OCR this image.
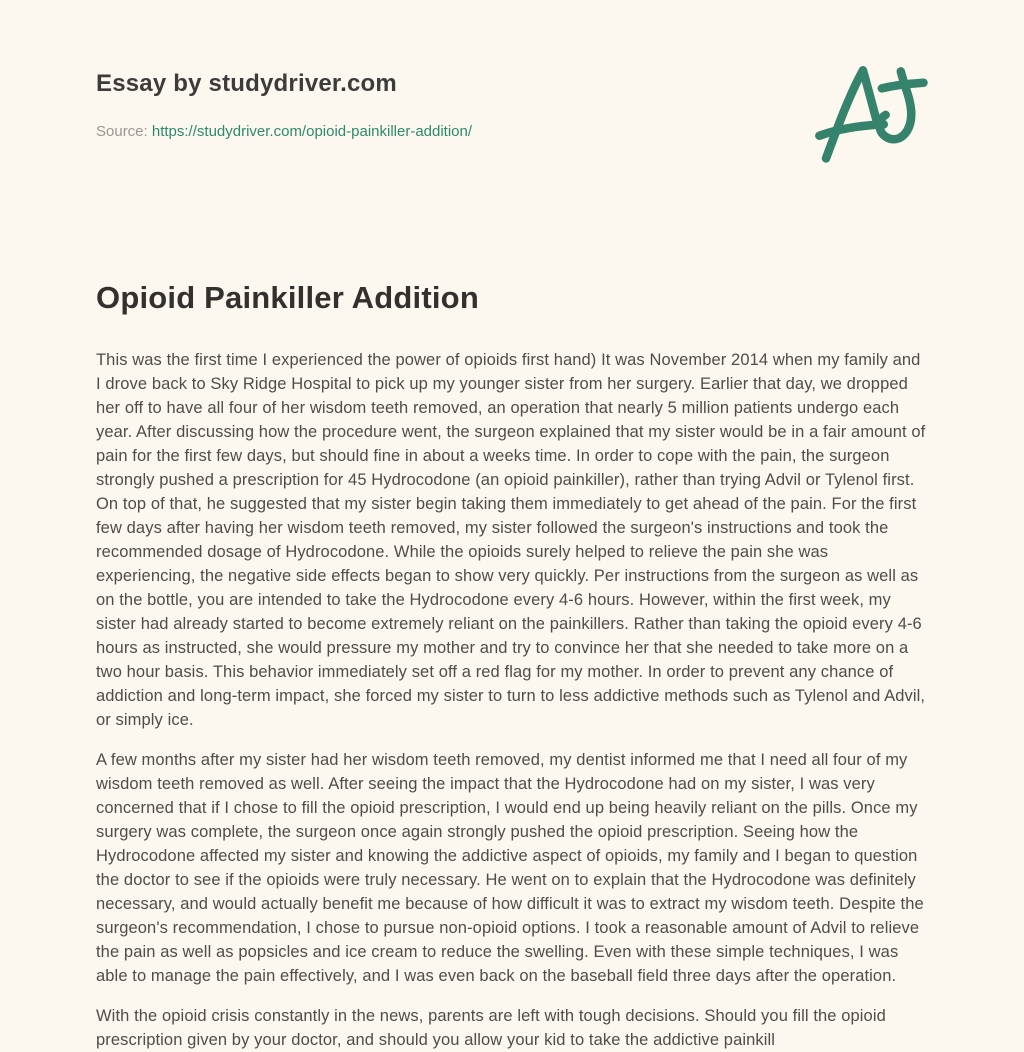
Essay by studydriver.com
Source: https://studydriver.com/opioid-painkiller-addition/
Opioid Painkiller Addition

This was the first time I experienced the power of opioids first hand) It was November 2014 when my family and I drove back to Sky Ridge Hospital to pick up my younger sister from her surgery. Earlier that day, we dropped her off to have all four of her wisdom teeth removed, an operation that nearly 5 million patients undergo each year. After discussing how the procedure went, the surgeon explained that my sister would be in a fair amount of pain for the first few days, but should fine in about a weeks time. In order to cope with the pain, the surgeon strongly pushed a prescription for 45 Hydrocodone (an opioid painkiller), rather than trying Advil or Tylenol first. On top of that, he suggested that my sister begin taking them immediately to get ahead of the pain. For the first few days after having her wisdom teeth removed, my sister followed the surgeon's instructions and took the recommended dosage of Hydrocodone. While the opioids surely helped to relieve the pain she was experiencing, the negative side effects began to show very quickly. Per instructions from the surgeon as well as on the bottle, you are intended to take the Hydrocodone every 4-6 hours. However, within the first week, my sister had already started to become extremely reliant on the painkillers. Rather than taking the opioid every 4-6 hours as instructed, she would pressure my mother and try to convince her that she needed to take more on a two hour basis. This behavior immediately set off a red flag for my mother. In order to prevent any chance of addiction and long-term impact, she forced my sister to turn to less addictive methods such as Tylenol and Advil, or simply ice.

A few months after my sister had her wisdom teeth removed, my dentist informed me that I need all four of my wisdom teeth removed as well. After seeing the impact that the Hydrocodone had on my sister, I was very concerned that if I chose to fill the opioid prescription, I would end up being heavily reliant on the pills. Once my surgery was complete, the surgeon once again strongly pushed the opioid prescription. Seeing how the Hydrocodone affected my sister and knowing the addictive aspect of opioids, my family and I began to question the doctor to see if the opioids were truly necessary. He went on to explain that the Hydrocodone was definitely necessary, and would actually benefit me because of how difficult it was to extract my wisdom teeth. Despite the surgeon's recommendation, I chose to pursue non-opioid options. I took a reasonable amount of Advil to relieve the pain as well as popsicles and ice cream to reduce the swelling. Even with these simple techniques, I was able to manage the pain effectively, and I was even back on the baseball field three days after the operation.

With the opioid crisis constantly in the news, parents are left with tough decisions. Should you fill the opioid prescription given by your doctor, and should you allow your kid to take the addictive painkill
